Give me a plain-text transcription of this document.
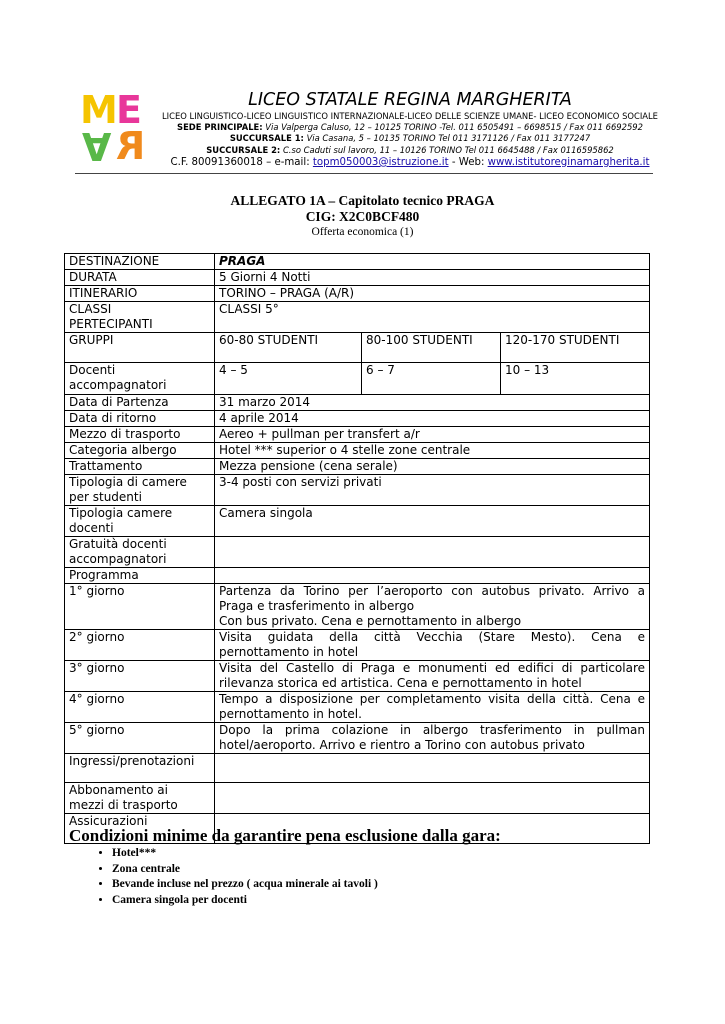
M
E
A R
LICEO STATALE REGINA MARGHERITA
LICEO LINGUISTICO-LICEO LINGUISTICO INTERNAZIONALE-LICEO DELLE SCIENZE UMANE- LICEO ECONOMICO SOCIALE
SEDE PRINCIPALE: Via Valperga Caluso, 12 – 10125 TORINO -Tel. 011 6505491 – 6698515 / Fax 011 6692592
SUCCURSALE 1: Via Casana, 5 – 10135 TORINO Tel 011 3171126 / Fax 011 3177247
SUCCURSALE 2: C.so Caduti sul lavoro, 11 – 10126 TORINO Tel 011 6645488 / Fax 0116595862
C.F. 80091360018 – e-mail: topm050003@istruzione.it - Web: www.istitutoreginamargherita.it
ALLEGATO 1A – Capitolato tecnico PRAGA
CIG: X2C0BCF480
Offerta economica (1)
DESTINAZIONE	PRAGA		
DURATA	5 Giorni 4 Notti		
ITINERARIO	TORINO – PRAGA (A/R)		

CLASSI
PERTECIPANTI	CLASSI 5°		
GRUPPI	60-80 STUDENTI	80-100 STUDENTI	120-170 STUDENTI

Docenti
accompagnatori	4 – 5	6 – 7	10 – 13
Data di Partenza	31 marzo 2014		
Data di ritorno	4 aprile 2014		
Mezzo di trasporto	Aereo + pullman per transfert a/r		
Categoria albergo	Hotel *** superior o 4 stelle zone centrale		
Trattamento	Mezza pensione (cena serale)		

Tipologia di camere
per studenti	3-4 posti con servizi privati		

Tipologia camere
docenti	Camera singola		

Gratuità docenti
accompagnatori			

Programma			
1° giorno	Partenza da Torino per l’aeroporto con autobus privato. Arrivo a
Praga e trasferimento in albergo
Con bus privato. Cena e pernottamento in albergo		

2° giorno	Visita guidata della città Vecchia (Stare Mesto). Cena e
pernottamento in hotel		

3° giorno	Visita del Castello di Praga e monumenti ed edifici di particolare
rilevanza storica ed artistica. Cena e pernottamento in hotel		

4° giorno	Tempo a disposizione per completamento visita della città. Cena e
pernottamento in hotel.		

5° giorno	Dopo la prima colazione in albergo trasferimento in pullman
hotel/aeroporto. Arrivo e rientro a Torino con autobus privato		

Ingressi/prenotazioni			

Abbonamento ai
mezzi di trasporto			

Assicurazioni			
Condizioni minime da garantire pena esclusione dalla gara:
• Hotel***
• Zona centrale
• Bevande incluse nel prezzo ( acqua minerale ai tavoli )
• Camera singola per docenti
